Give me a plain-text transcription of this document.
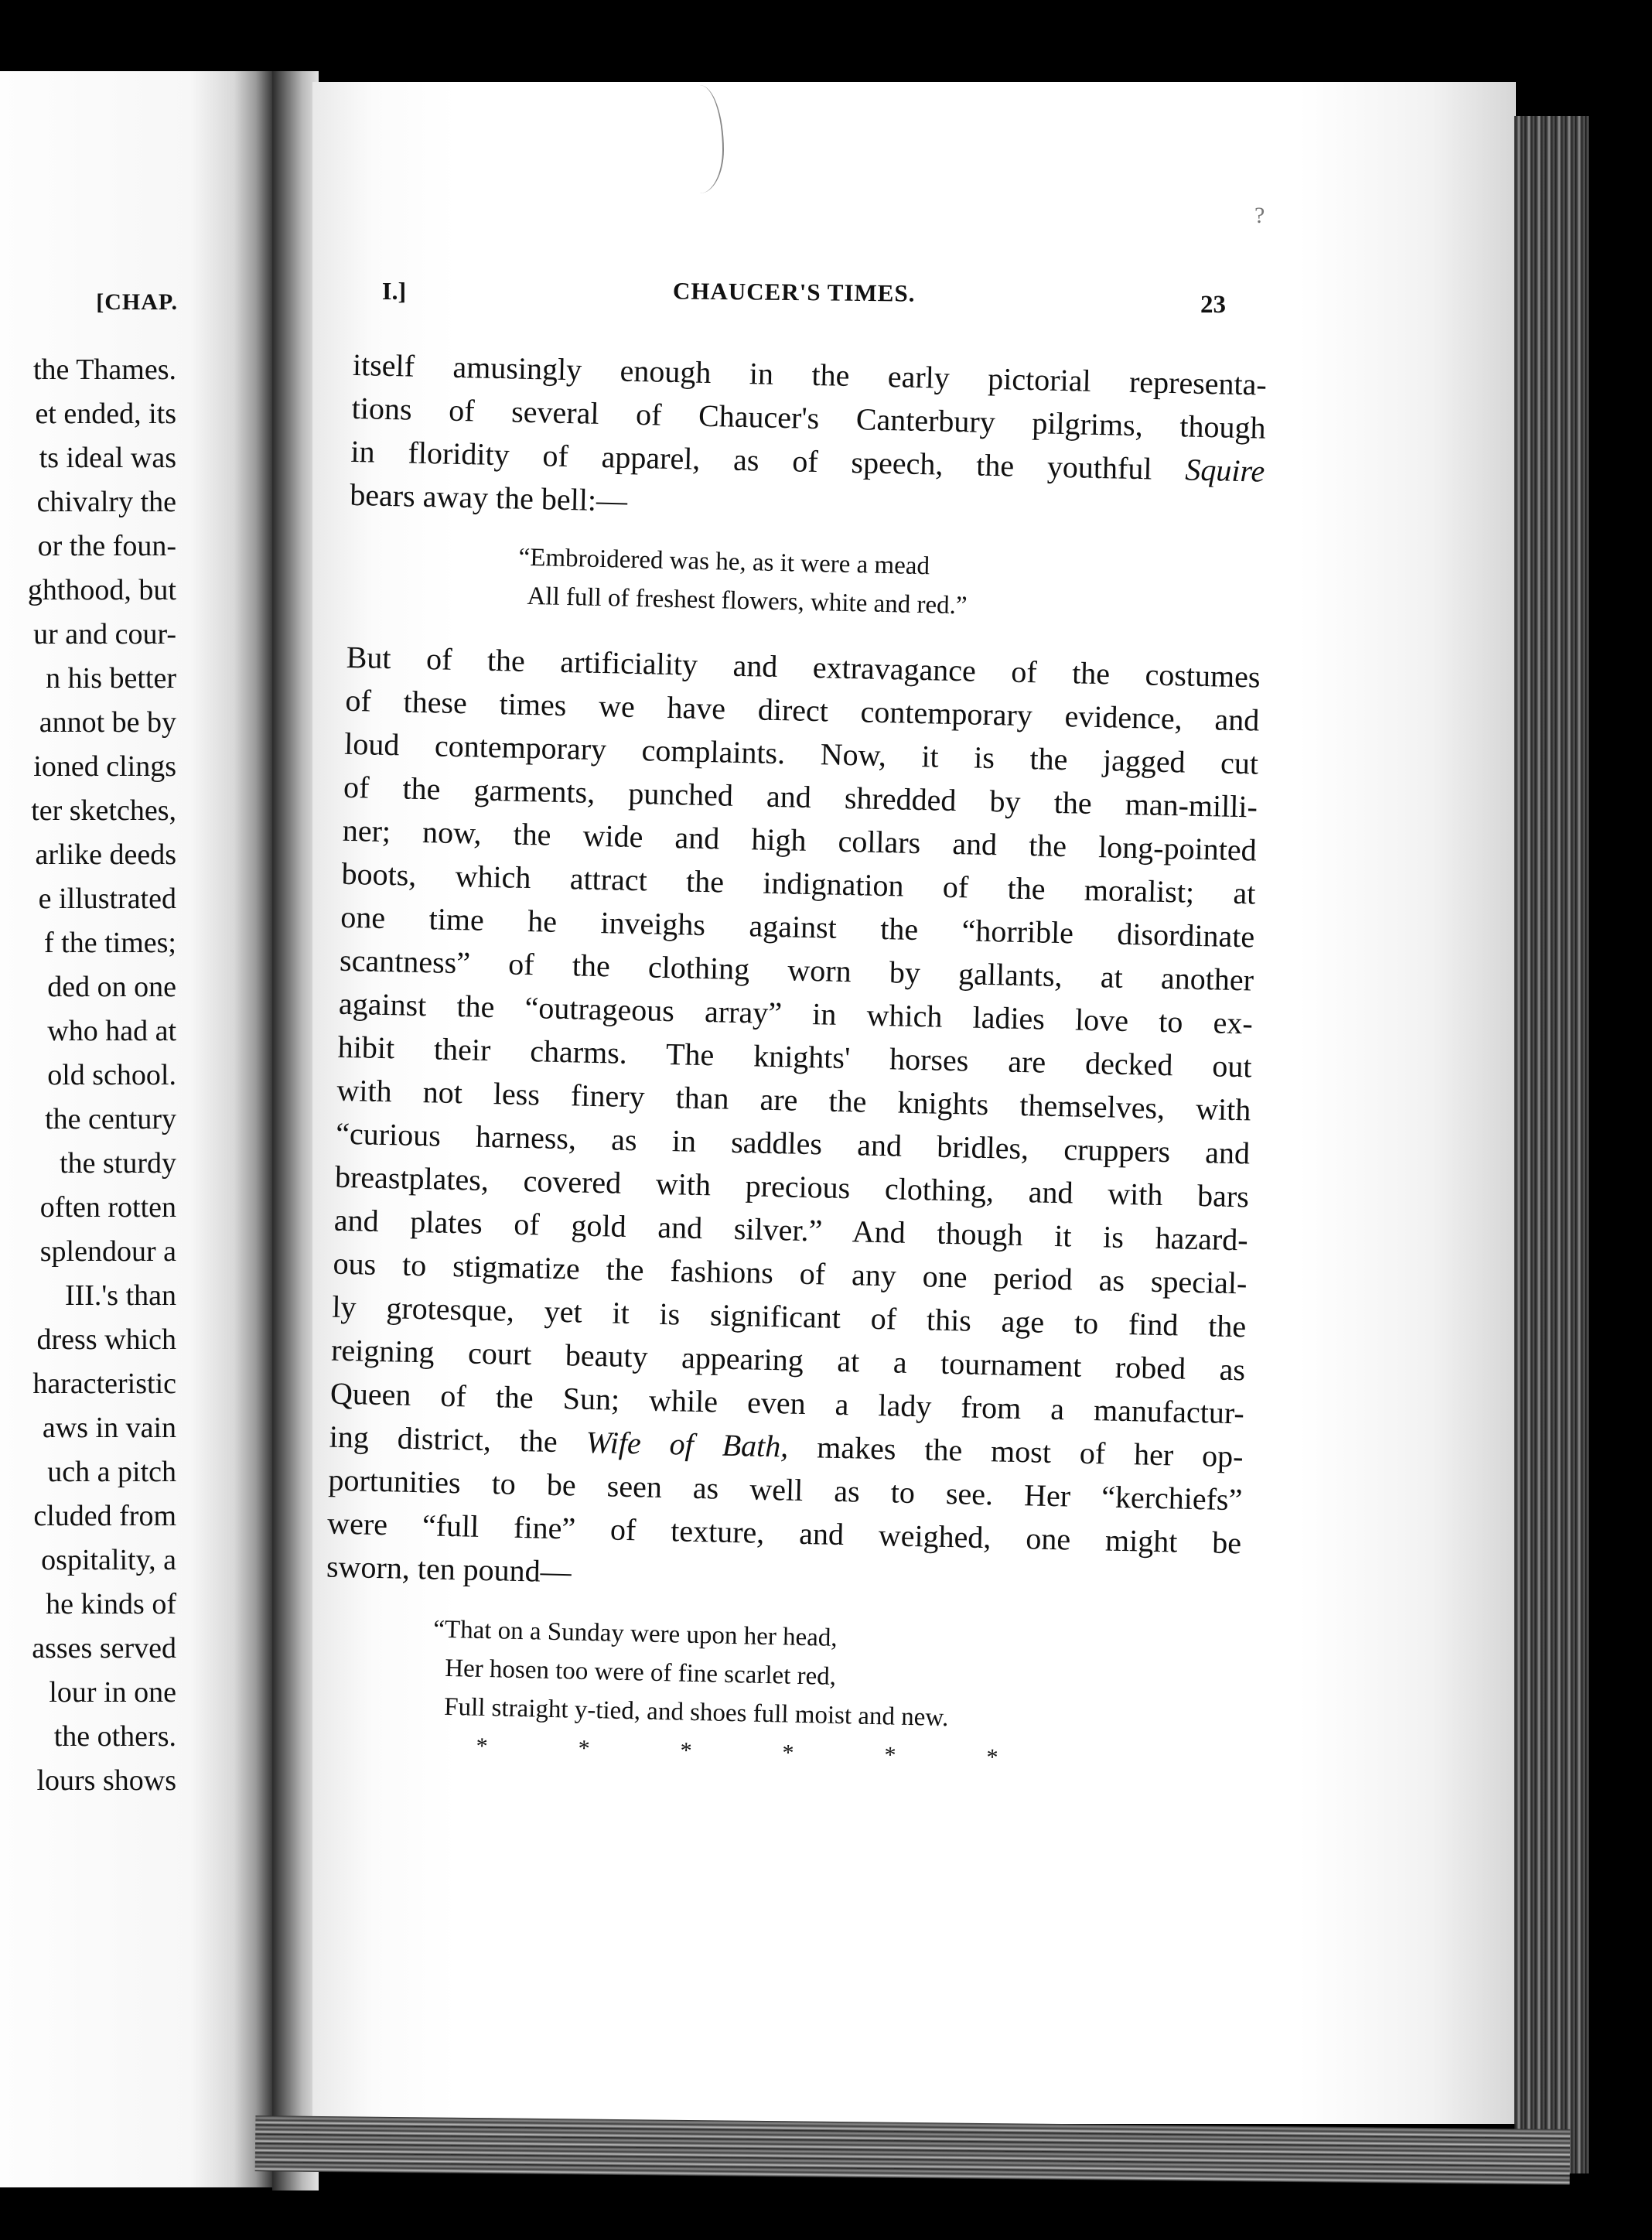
[CHAP.
the Thames.
et ended, its
ts ideal was
chivalry the
or the foun-
ghthood, but
ur and cour-
n his better
annot be by
ioned clings
ter sketches,
arlike deeds
e illustrated
f the times;
ded on one
who had at
old school.
the century
the sturdy
often rotten
splendour a
III.'s than
dress which
haracteristic
aws in vain
uch a pitch
cluded from
ospitality, a
he kinds of
asses served
lour in one
the others.
lours shows
?
I.]	CHAUCER'S TIMES.	23
itself amusingly enough in the early pictorial representa-
tions of several of Chaucer's Canterbury pilgrims, though
in floridity of apparel, as of speech, the youthful Squire
bears away the bell:—
“Embroidered was he, as it were a mead
All full of freshest flowers, white and red.”
But of the artificiality and extravagance of the costumes
of these times we have direct contemporary evidence, and
loud contemporary complaints. Now, it is the jagged cut
of the garments, punched and shredded by the man-milli-
ner; now, the wide and high collars and the long-pointed
boots, which attract the indignation of the moralist; at
one time he inveighs against the “horrible disordinate
scantness” of the clothing worn by gallants, at another
against the “outrageous array” in which ladies love to ex-
hibit their charms. The knights' horses are decked out
with not less finery than are the knights themselves, with
“curious harness, as in saddles and bridles, cruppers and
breastplates, covered with precious clothing, and with bars
and plates of gold and silver.” And though it is hazard-
ous to stigmatize the fashions of any one period as special-
ly grotesque, yet it is significant of this age to find the
reigning court beauty appearing at a tournament robed as
Queen of the Sun; while even a lady from a manufactur-
ing district, the Wife of Bath, makes the most of her op-
portunities to be seen as well as to see. Her “kerchiefs”
were “full fine” of texture, and weighed, one might be
sworn, ten pound—
“That on a Sunday were upon her head,
Her hosen too were of fine scarlet red,
Full straight y-tied, and shoes full moist and new.
*	*	*	*	*	*
